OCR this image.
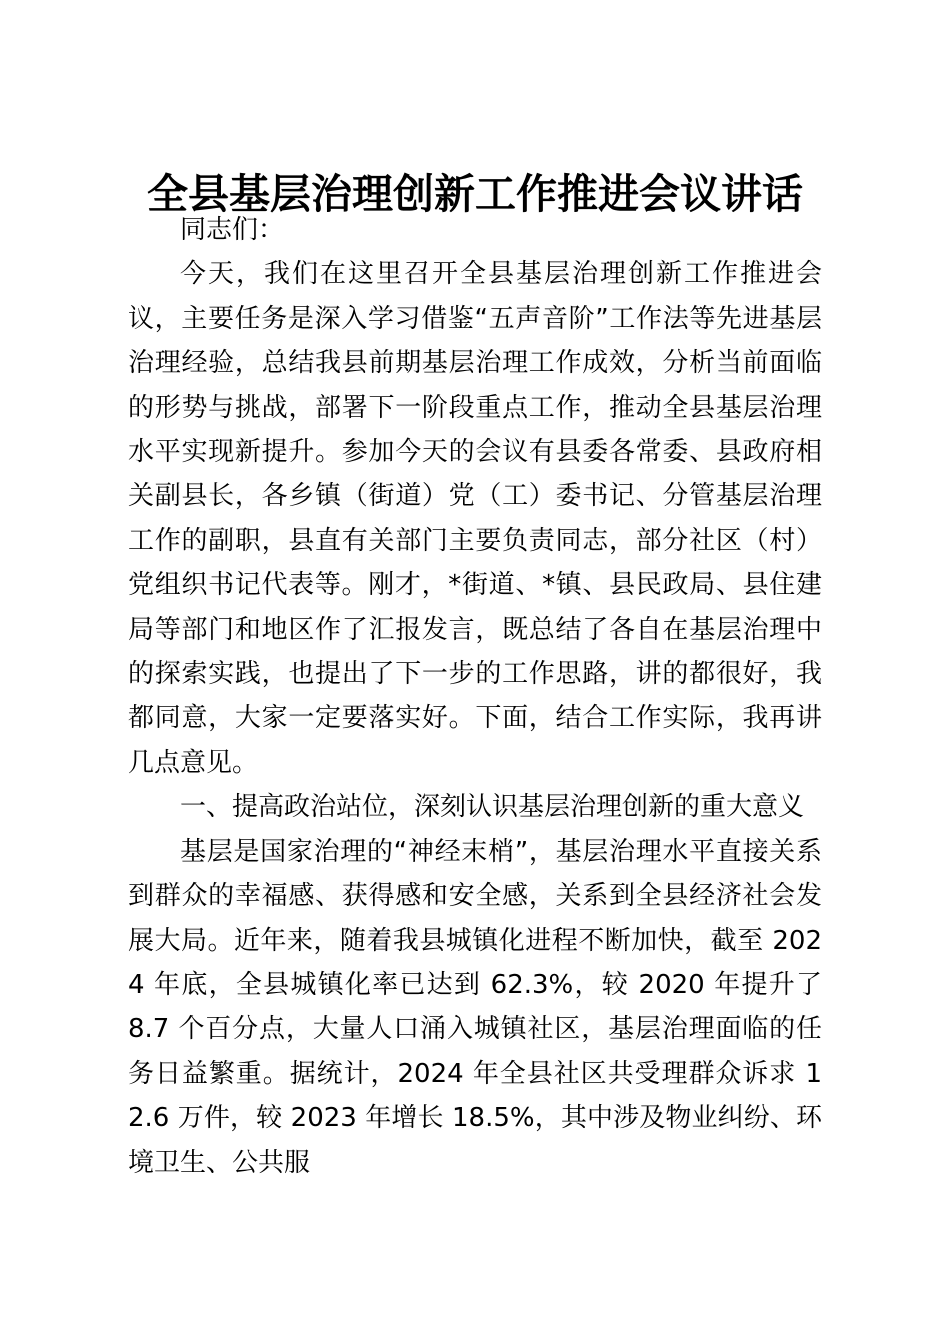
全县基层治理创新工作推进会议讲话

同志们：

今天，我们在这里召开全县基层治理创新工作推进会议，主要任务是深入学习借鉴“五声音阶”工作法等先进基层治理经验，总结我县前期基层治理工作成效，分析当前面临的形势与挑战，部署下一阶段重点工作，推动全县基层治理水平实现新提升。参加今天的会议有县委各常委、县政府相关副县长，各乡镇（街道）党（工）委书记、分管基层治理工作的副职，县直有关部门主要负责同志，部分社区（村）党组织书记代表等。刚才，*街道、*镇、县民政局、县住建局等部门和地区作了汇报发言，既总结了各自在基层治理中的探索实践，也提出了下一步的工作思路，讲的都很好，我都同意，大家一定要落实好。下面，结合工作实际，我再讲几点意见。

一、提高政治站位，深刻认识基层治理创新的重大意义

基层是国家治理的“神经末梢”，基层治理水平直接关系到群众的幸福感、获得感和安全感，关系到全县经济社会发展大局。近年来，随着我县城镇化进程不断加快，截至 2024 年底，全县城镇化率已达到 62.3%，较 2020 年提升了 8.7 个百分点，大量人口涌入城镇社区，基层治理面临的任务日益繁重。据统计，2024 年全县社区共受理群众诉求 12.6 万件，较 2023 年增长 18.5%，其中涉及物业纠纷、环境卫生、公共服
